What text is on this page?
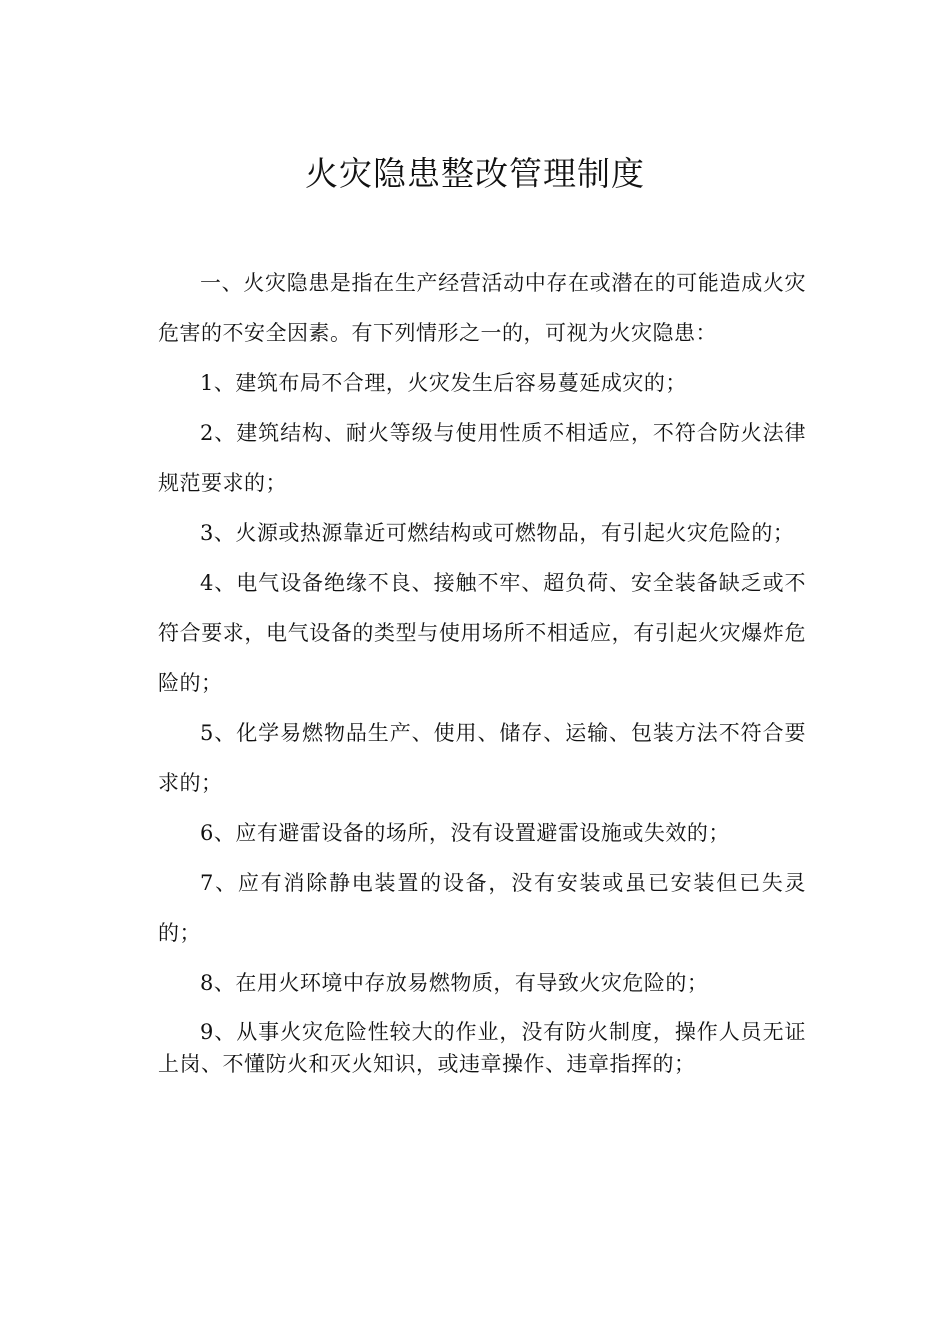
火灾隐患整改管理制度

一、火灾隐患是指在生产经营活动中存在或潜在的可能造成火灾危害的不安全因素。有下列情形之一的，可视为火灾隐患：

1、建筑布局不合理，火灾发生后容易蔓延成灾的；

2、建筑结构、耐火等级与使用性质不相适应，不符合防火法律规范要求的；

3、火源或热源靠近可燃结构或可燃物品，有引起火灾危险的；

4、电气设备绝缘不良、接触不牢、超负荷、安全装备缺乏或不符合要求，电气设备的类型与使用场所不相适应，有引起火灾爆炸危险的；

5、化学易燃物品生产、使用、储存、运输、包装方法不符合要求的；

6、应有避雷设备的场所，没有设置避雷设施或失效的；

7、应有消除静电装置的设备，没有安装或虽已安装但已失灵的；

8、在用火环境中存放易燃物质，有导致火灾危险的；

9、从事火灾危险性较大的作业，没有防火制度，操作人员无证上岗、不懂防火和灭火知识，或违章操作、违章指挥的；
